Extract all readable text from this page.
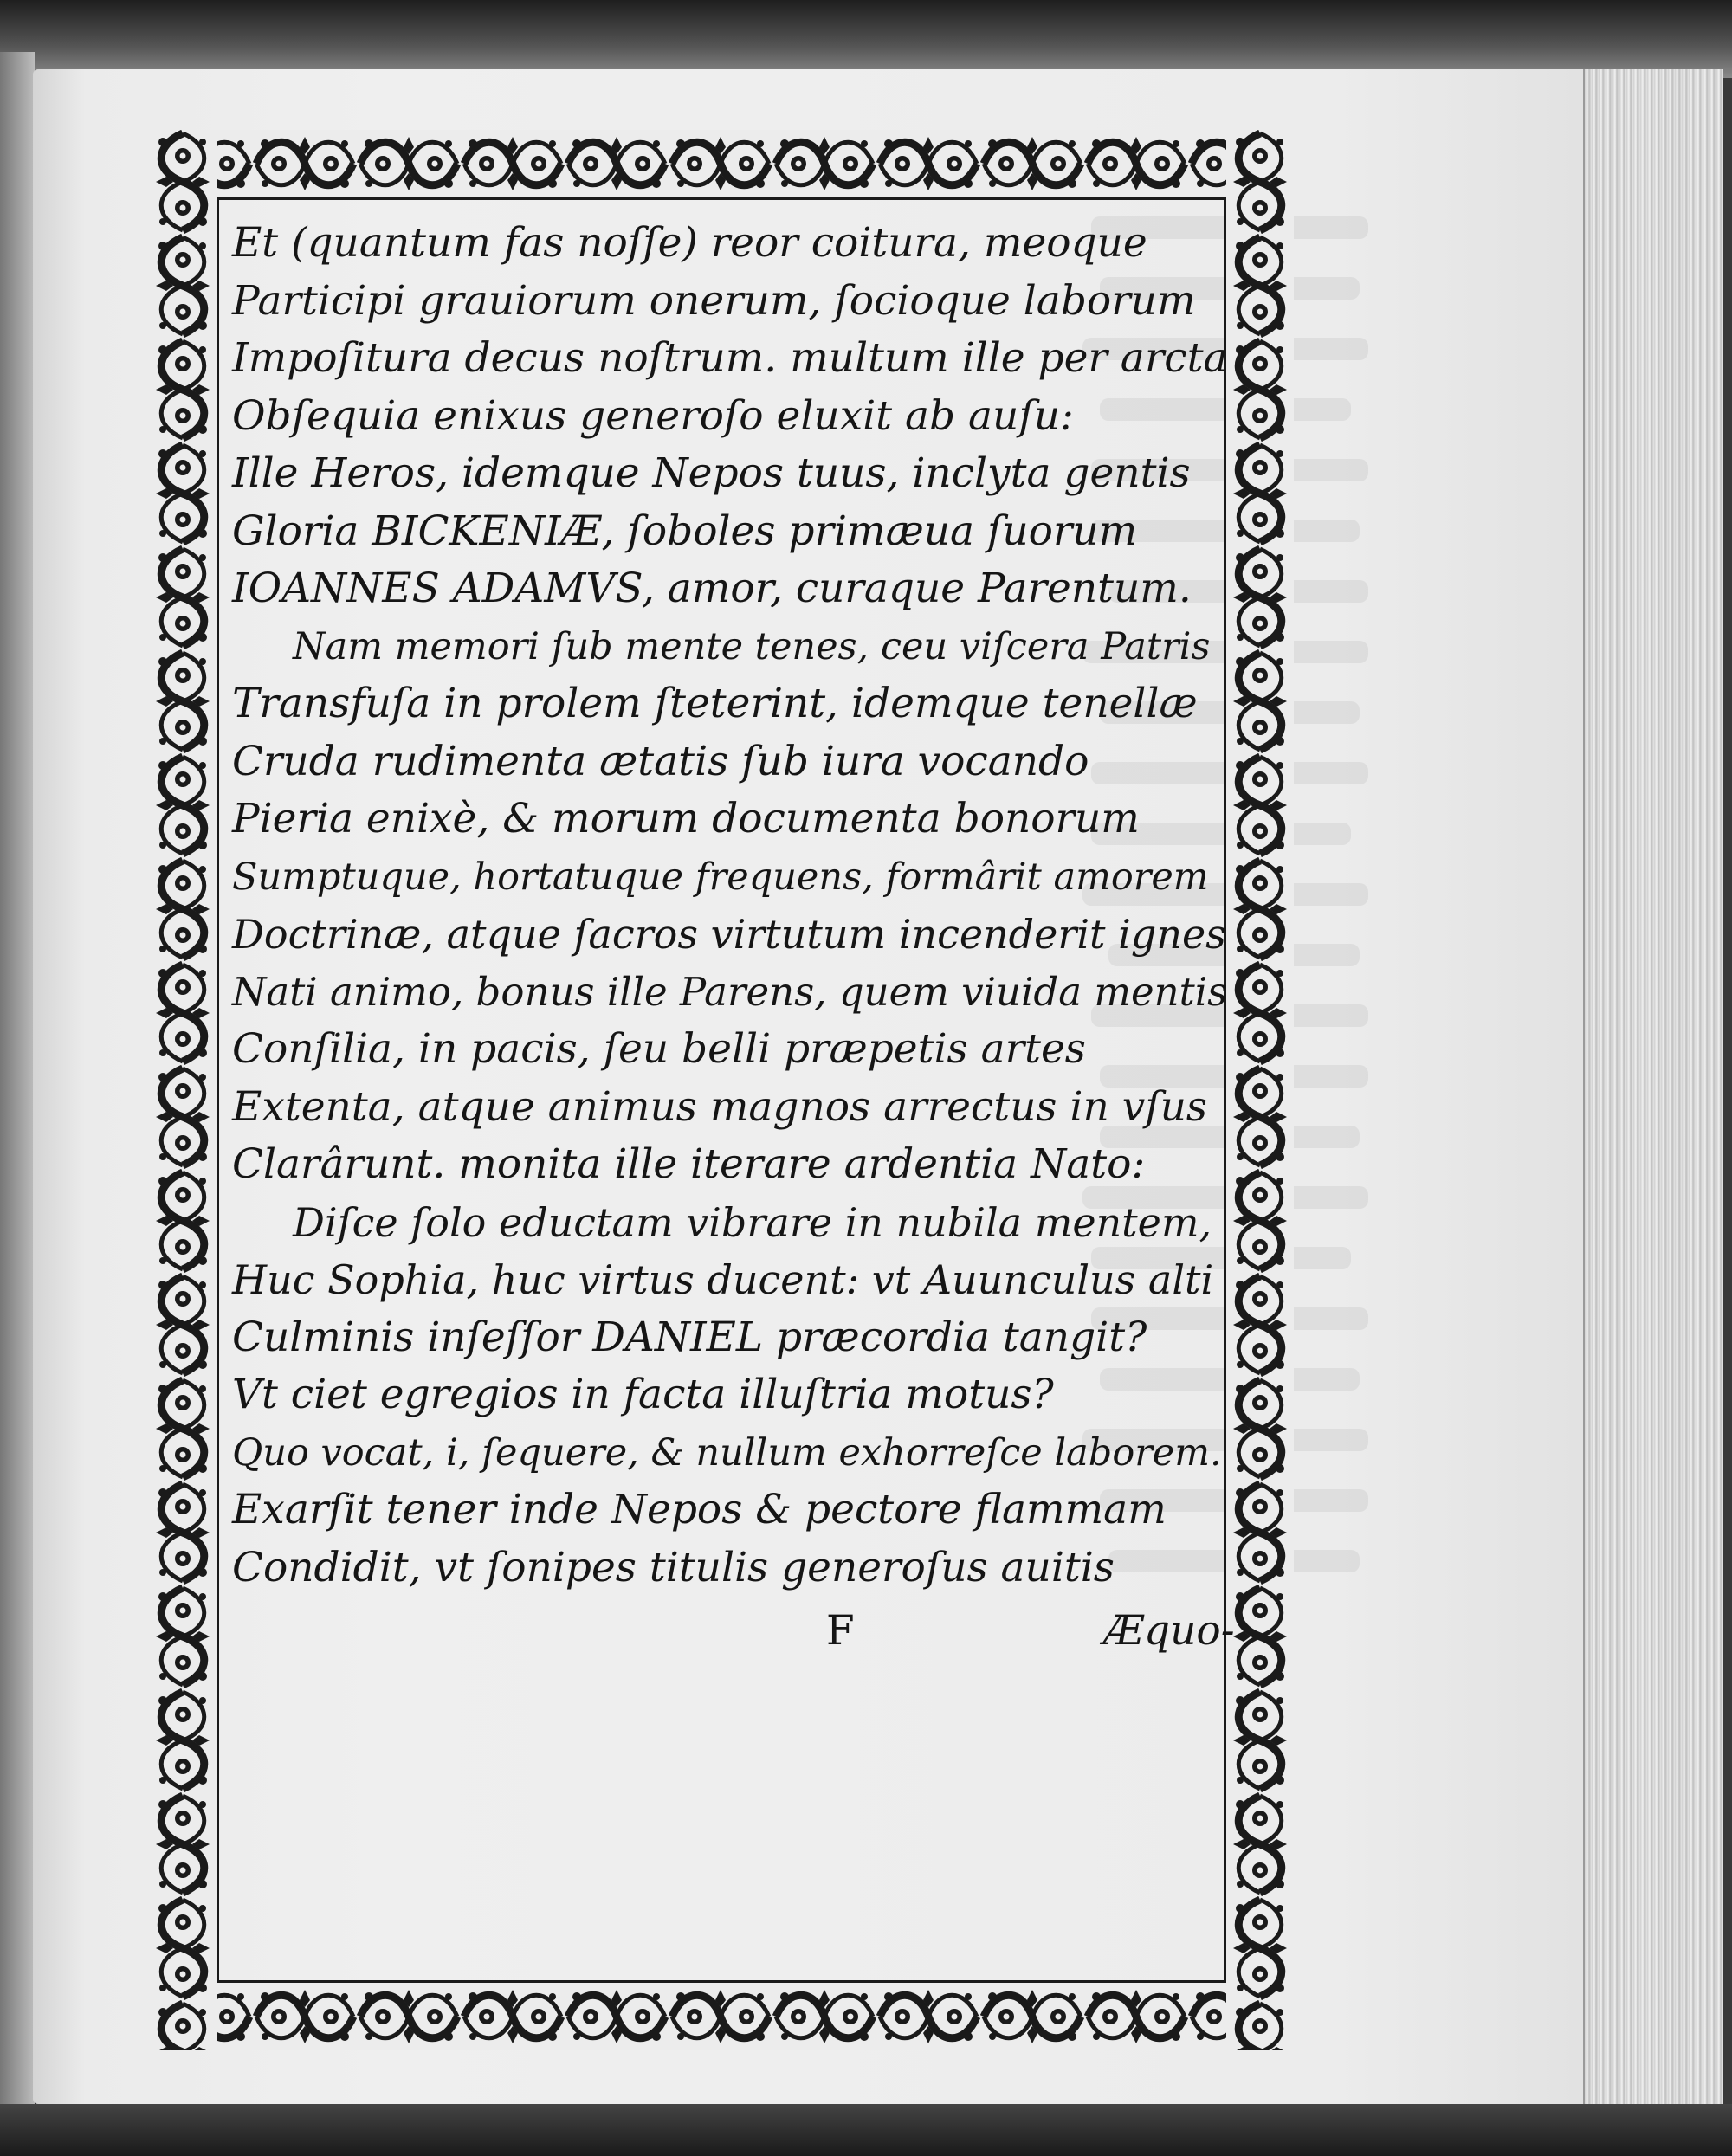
Et (quantum fas noſſe) reor coitura, meoque

Participi grauiorum onerum, ſocioque laborum

Impoſitura decus noſtrum. multum ille per arcta

Obſequia enixus generoſo eluxit ab auſu:

Ille Heros, idemque Nepos tuus, inclyta gentis

Gloria BICKENIÆ, ſoboles primæua ſuorum

IOANNES ADAMVS, amor, curaque Parentum.

Nam memori ſub mente tenes, ceu viſcera Patris

Transfuſa in prolem ſteterint, idemque tenellæ

Cruda rudimenta ætatis ſub iura vocando

Pieria enixè, & morum documenta bonorum

Sumptuque, hortatuque frequens, formârit amorem

Doctrinæ, atque ſacros virtutum incenderit ignes

Nati animo, bonus ille Parens, quem viuida mentis

Conſilia, in pacis, ſeu belli præpetis artes

Extenta, atque animus magnos arrectus in vſus

Clarârunt. monita ille iterare ardentia Nato:

Diſce ſolo eductam vibrare in nubila mentem,

Huc Sophia, huc virtus ducent: vt Auunculus alti

Culminis inſeſſor DANIEL præcordia tangit?

Vt ciet egregios in facta illuſtria motus?

Quo vocat, i, ſequere, & nullum exhorreſce laborem.

Exarſit tener inde Nepos & pectore flammam

Condidit, vt ſonipes titulis generoſus auitis

F	Æquo-
